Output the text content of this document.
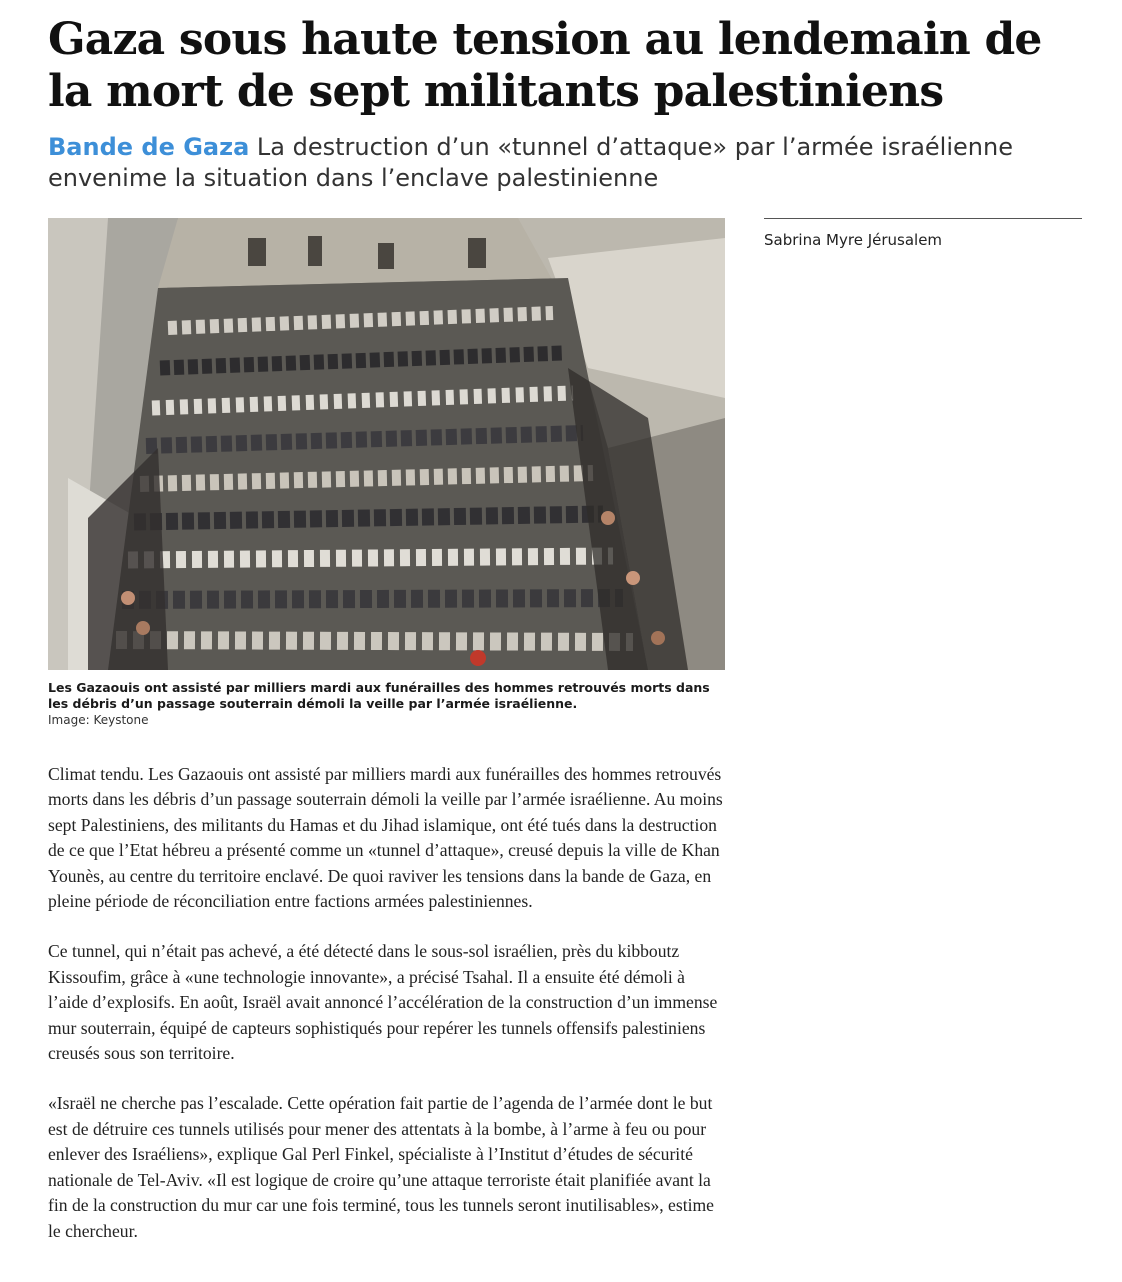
Gaza sous haute tension au lendemain de la mort de sept militants palestiniens
Bande de Gaza La destruction d’un «tunnel d’attaque» par l’armée israélienne envenime la situation dans l’enclave palestinienne
Les Gazaouis ont assisté par milliers mardi aux funérailles des hommes retrouvés morts dans les débris d’un passage souterrain démoli la veille par l’armée israélienne.
Image: Keystone

Climat tendu. Les Gazaouis ont assisté par milliers mardi aux funérailles des hommes retrouvés morts dans les débris d’un passage souterrain démoli la veille par l’armée israélienne. Au moins sept Palestiniens, des militants du Hamas et du Jihad islamique, ont été tués dans la destruction de ce que l’Etat hébreu a présenté comme un «tunnel d’attaque», creusé depuis la ville de Khan Younès, au centre du territoire enclavé. De quoi raviver les tensions dans la bande de Gaza, en pleine période de réconciliation entre factions armées palestiniennes.

Ce tunnel, qui n’était pas achevé, a été détecté dans le sous-sol israélien, près du kibboutz Kissoufim, grâce à «une technologie innovante», a précisé Tsahal. Il a ensuite été démoli à l’aide d’explosifs. En août, Israël avait annoncé l’accélération de la construction d’un immense mur souterrain, équipé de capteurs sophistiqués pour repérer les tunnels offensifs palestiniens creusés sous son territoire.

«Israël ne cherche pas l’escalade. Cette opération fait partie de l’agenda de l’armée dont le but est de détruire ces tunnels utilisés pour mener des attentats à la bombe, à l’arme à feu ou pour enlever des Israéliens», explique Gal Perl Finkel, spécialiste à l’Institut d’études de sécurité nationale de Tel-Aviv. «Il est logique de croire qu’une attaque terroriste était planifiée avant la fin de la construction du mur car une fois terminé, tous les tunnels seront inutilisables», estime le chercheur.

Sabrina Myre Jérusalem
